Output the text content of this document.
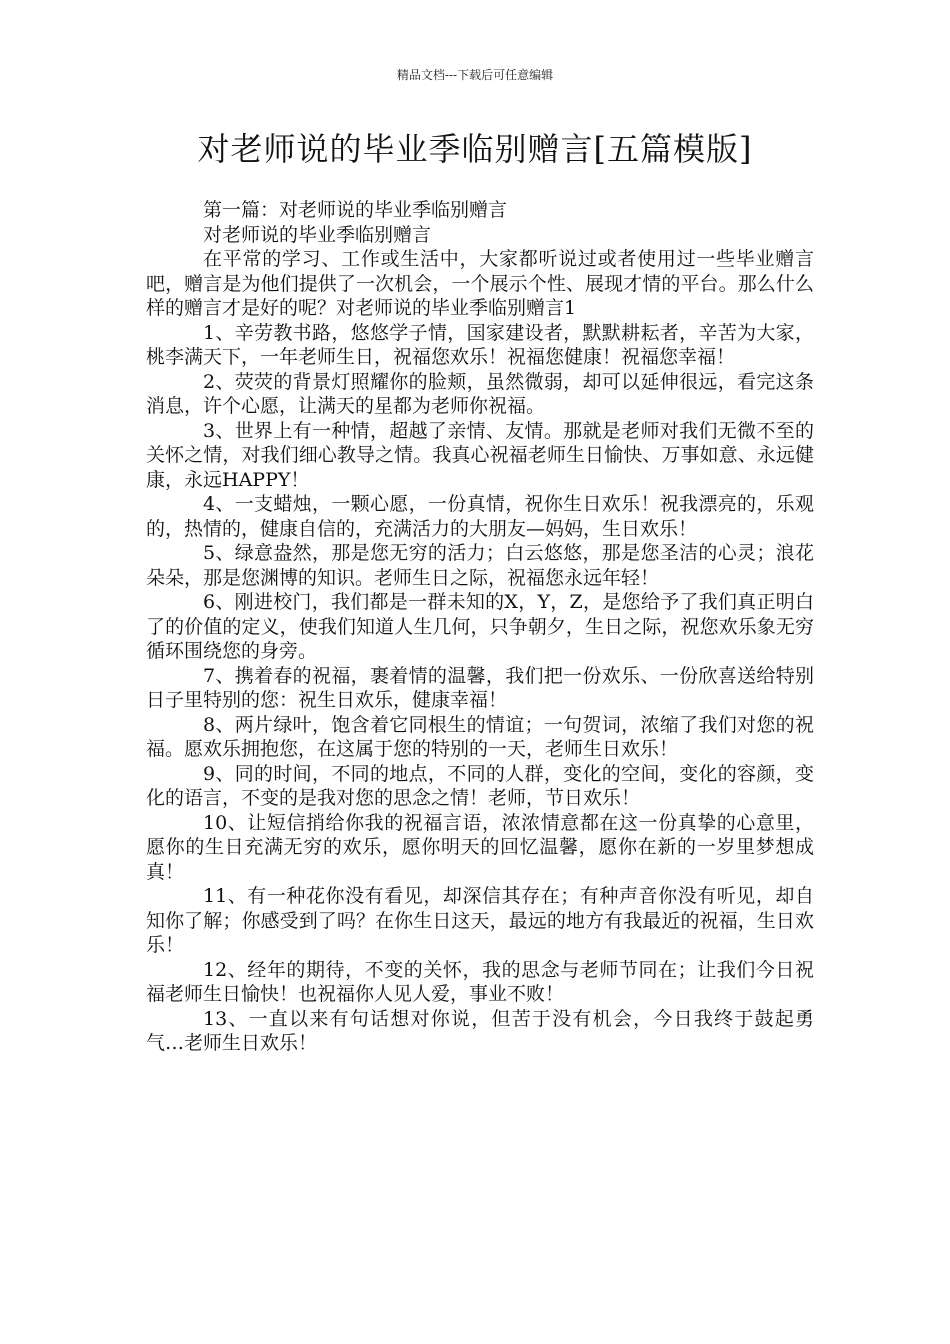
精品文档---下载后可任意编辑
对老师说的毕业季临别赠言[五篇模版]

第一篇：对老师说的毕业季临别赠言

对老师说的毕业季临别赠言

在平常的学习、工作或生活中，大家都听说过或者使用过一些毕业赠言吧，赠言是为他们提供了一次机会，一个展示个性、展现才情的平台。那么什么样的赠言才是好的呢？对老师说的毕业季临别赠言1

1、辛劳教书路，悠悠学子情，国家建设者，默默耕耘者，辛苦为大家，桃李满天下，一年老师生日，祝福您欢乐！祝福您健康！祝福您幸福！

2、荧荧的背景灯照耀你的脸颊，虽然微弱，却可以延伸很远，看完这条消息，许个心愿，让满天的星都为老师你祝福。

3、世界上有一种情，超越了亲情、友情。那就是老师对我们无微不至的关怀之情，对我们细心教导之情。我真心祝福老师生日愉快、万事如意、永远健康，永远HAPPY！

4、一支蜡烛，一颗心愿，一份真情，祝你生日欢乐！祝我漂亮的，乐观的，热情的，健康自信的，充满活力的大朋友—妈妈，生日欢乐！

5、绿意盎然，那是您无穷的活力；白云悠悠，那是您圣洁的心灵；浪花朵朵，那是您渊博的知识。老师生日之际，祝福您永远年轻！

6、刚进校门，我们都是一群未知的X，Y，Z，是您给予了我们真正明白了的价值的定义，使我们知道人生几何，只争朝夕，生日之际，祝您欢乐象无穷循环围绕您的身旁。

7、携着春的祝福，裹着情的温馨，我们把一份欢乐、一份欣喜送给特别日子里特别的您：祝生日欢乐，健康幸福！

8、两片绿叶，饱含着它同根生的情谊；一句贺词，浓缩了我们对您的祝福。愿欢乐拥抱您，在这属于您的特别的一天，老师生日欢乐！

9、同的时间，不同的地点，不同的人群，变化的空间，变化的容颜，变化的语言，不变的是我对您的思念之情！老师，节日欢乐！

10、让短信捎给你我的祝福言语，浓浓情意都在这一份真挚的心意里，愿你的生日充满无穷的欢乐，愿你明天的回忆温馨，愿你在新的一岁里梦想成真！

11、有一种花你没有看见，却深信其存在；有种声音你没有听见，却自知你了解；你感受到了吗？在你生日这天，最远的地方有我最近的祝福，生日欢乐！

12、经年的期待，不变的关怀，我的思念与老师节同在；让我们今日祝福老师生日愉快！也祝福你人见人爱，事业不败！

13、一直以来有句话想对你说，但苦于没有机会，今日我终于鼓起勇气…老师生日欢乐！
